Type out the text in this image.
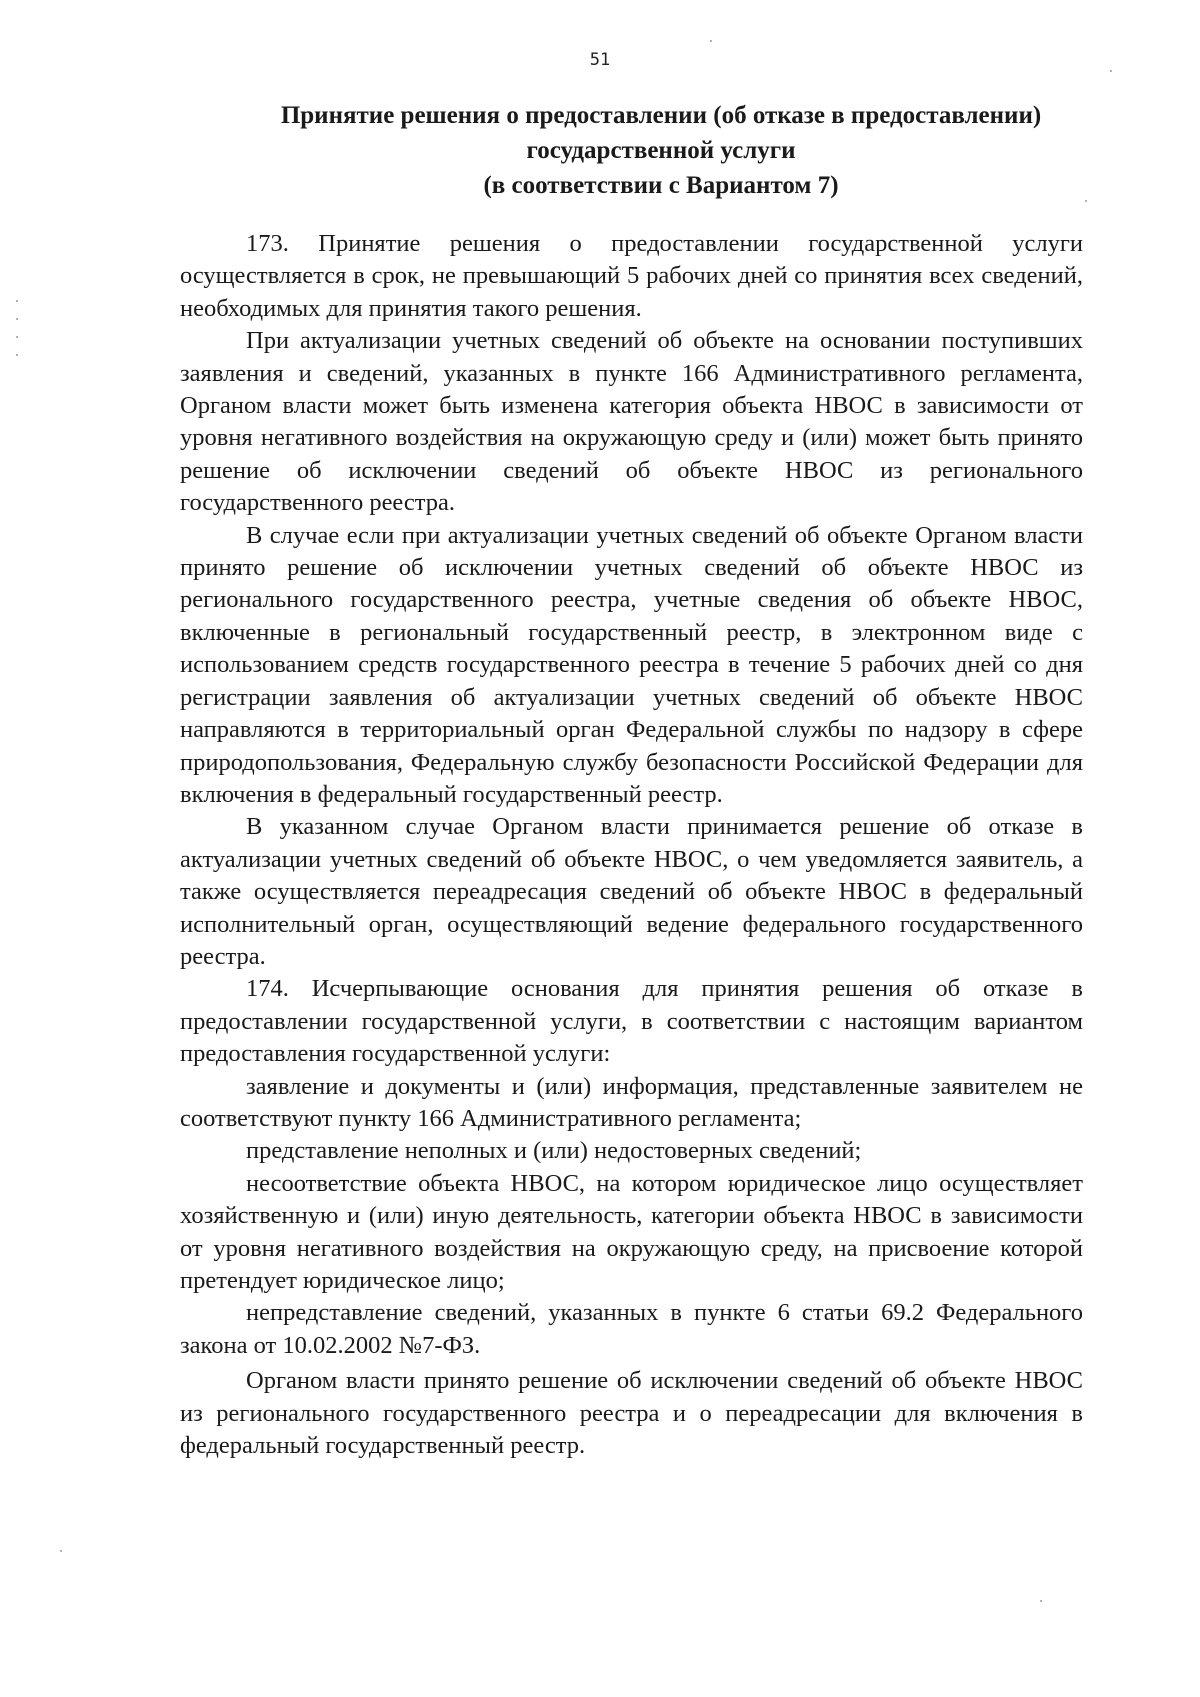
51
Принятие решения о предоставлении (об отказе в предоставлении)
государственной услуги
(в соответствии с Вариантом 7)

173. Принятие решения о предоставлении государственной услуги осуществляется в срок, не превышающий 5 рабочих дней со принятия всех сведений, необходимых для принятия такого решения.

При актуализации учетных сведений об объекте на основании поступивших заявления и сведений, указанных в пункте 166 Административного регламента, Органом власти может быть изменена категория объекта НВОС в зависимости от уровня негативного воздействия на окружающую среду и (или) может быть принято решение об исключении сведений об объекте НВОС из регионального государственного реестра.

В случае если при актуализации учетных сведений об объекте Органом власти принято решение об исключении учетных сведений об объекте НВОС из регионального государственного реестра, учетные сведения об объекте НВОС, включенные в региональный государственный реестр, в электронном виде с использованием средств государственного реестра в течение 5 рабочих дней со дня регистрации заявления об актуализации учетных сведений об объекте НВОС направляются в территориальный орган Федеральной службы по надзору в сфере природопользования, Федеральную службу безопасности Российской Федерации для включения в федеральный государственный реестр.

В указанном случае Органом власти принимается решение об отказе в актуализации учетных сведений об объекте НВОС, о чем уведомляется заявитель, а также осуществляется переадресация сведений об объекте НВОС в федеральный исполнительный орган, осуществляющий ведение федерального государственного реестра.

174. Исчерпывающие основания для принятия решения об отказе в предоставлении государственной услуги, в соответствии с настоящим вариантом предоставления государственной услуги:

заявление и документы и (или) информация, представленные заявителем не соответствуют пункту 166 Административного регламента;

представление неполных и (или) недостоверных сведений;

несоответствие объекта НВОС, на котором юридическое лицо осуществляет хозяйственную и (или) иную деятельность, категории объекта НВОС в зависимости от уровня негативного воздействия на окружающую среду, на присвоение которой претендует юридическое лицо;

непредставление сведений, указанных в пункте 6 статьи 69.2 Федерального закона от 10.02.2002 №7-ФЗ.

Органом власти принято решение об исключении сведений об объекте НВОС из регионального государственного реестра и о переадресации для включения в федеральный государственный реестр.
